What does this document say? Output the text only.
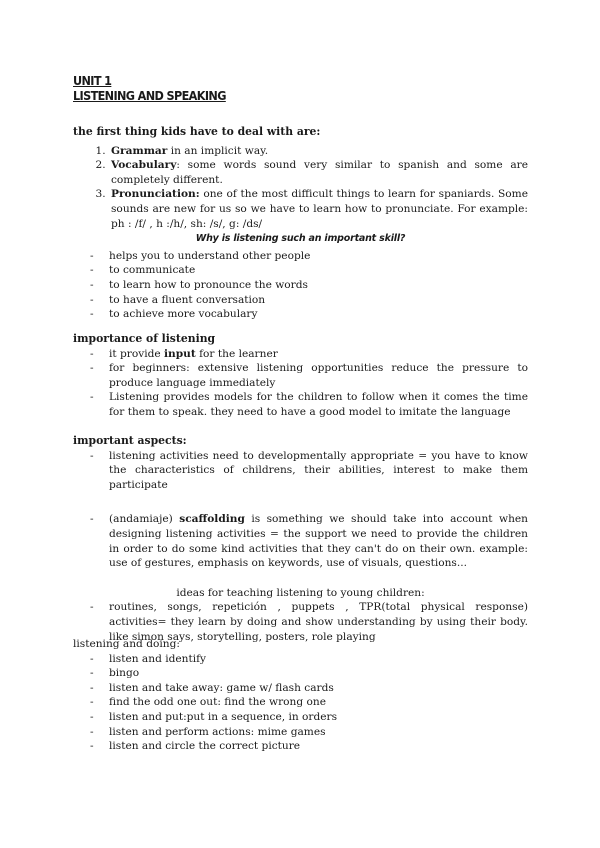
UNIT 1
LISTENING AND SPEAKING
the first thing kids have to deal with are:
1. Grammar in an implicit way.
2. Vocabulary: some words sound very similar to spanish and some are completely different.
3. Pronunciation: one of the most difficult things to learn for spaniards. Some sounds are new for us so we have to learn how to pronunciate. For example: ph : /f/ , h :/h/, sh: /s/, g: /ds/
Why is listening such an important skill?
- helps you to understand other people
- to communicate
- to learn how to pronounce the words
- to have a fluent conversation
- to achieve more vocabulary
importance of listening
- it provide input for the learner
- for beginners: extensive listening opportunities reduce the pressure to produce language immediately
- Listening provides models for the children to follow when it comes the time for them to speak. they need to have a good model to imitate the language
important aspects:
- listening activities need to developmentally appropriate = you have to know the characteristics of childrens, their abilities, interest to make them participate
- (andamiaje) scaffolding is something we should take into account when designing listening activities = the support we need to provide the children in order to do some kind activities that they can't do on their own. example: use of gestures, emphasis on keywords, use of visuals, questions...
ideas for teaching listening to young children:
- routines, songs, repetición , puppets , TPR(total physical response) activities= they learn by doing and show understanding by using their body. like simon says, storytelling, posters, role playing
listening and doing:
- listen and identify
- bingo
- listen and take away: game w/ flash cards
- find the odd one out: find the wrong one
- listen and put:put in a sequence, in orders
- listen and perform actions: mime games
- listen and circle the correct picture
